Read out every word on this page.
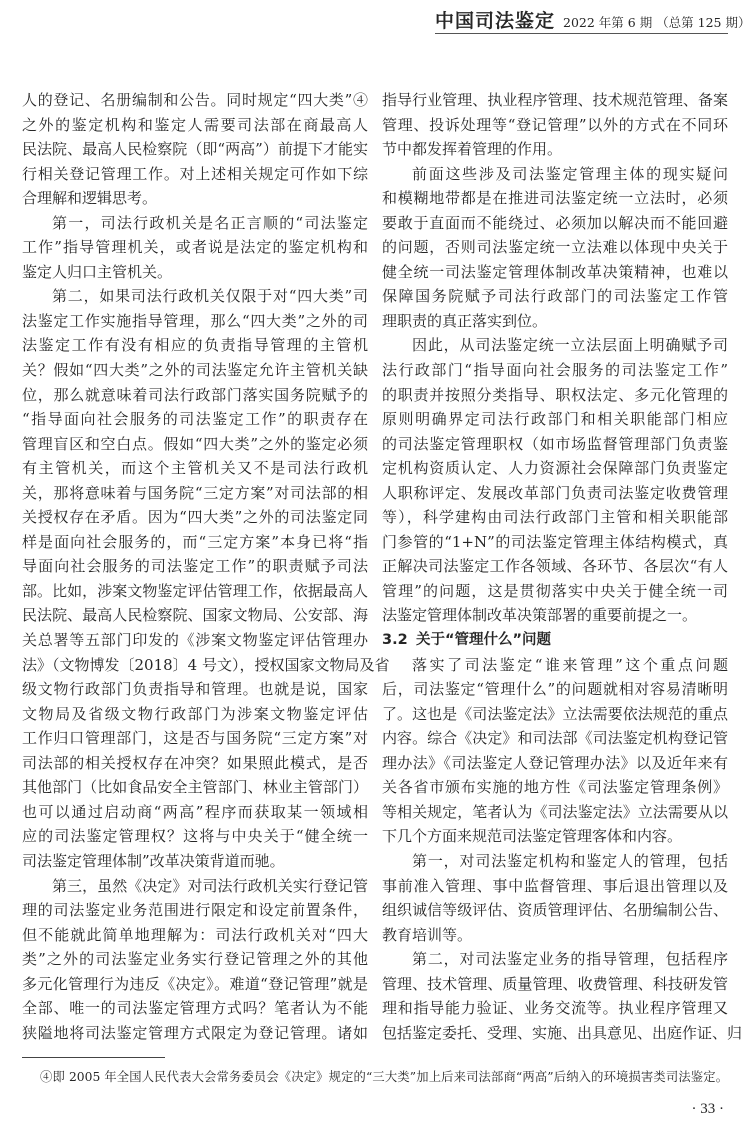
中国司法鉴定 2022 年第 6 期 （总第 125 期）
人的登记、名册编制和公告。同时规定“四大类”④
之外的鉴定机构和鉴定人需要司法部在商最高人
民法院、最高人民检察院（即“两高”）前提下才能实
行相关登记管理工作。对上述相关规定可作如下综
合理解和逻辑思考。
第一，司法行政机关是名正言顺的“司法鉴定
工作”指导管理机关，或者说是法定的鉴定机构和
鉴定人归口主管机关。
第二，如果司法行政机关仅限于对“四大类”司
法鉴定工作实施指导管理，那么“四大类”之外的司
法鉴定工作有没有相应的负责指导管理的主管机
关？假如“四大类”之外的司法鉴定允许主管机关缺
位，那么就意味着司法行政部门落实国务院赋予的
“指导面向社会服务的司法鉴定工作”的职责存在
管理盲区和空白点。假如“四大类”之外的鉴定必须
有主管机关，而这个主管机关又不是司法行政机
关，那将意味着与国务院“三定方案”对司法部的相
关授权存在矛盾。因为“四大类”之外的司法鉴定同
样是面向社会服务的，而“三定方案”本身已将“指
导面向社会服务的司法鉴定工作”的职责赋予司法
部。比如，涉案文物鉴定评估管理工作，依据最高人
民法院、最高人民检察院、国家文物局、公安部、海
关总署等五部门印发的《涉案文物鉴定评估管理办
法》（文物博发〔2018〕4 号文），授权国家文物局及省
级文物行政部门负责指导和管理。也就是说，国家
文物局及省级文物行政部门为涉案文物鉴定评估
工作归口管理部门，这是否与国务院“三定方案”对
司法部的相关授权存在冲突？如果照此模式，是否
其他部门（比如食品安全主管部门、林业主管部门）
也可以通过启动商“两高”程序而获取某一领域相
应的司法鉴定管理权？这将与中央关于“健全统一
司法鉴定管理体制”改革决策背道而驰。
第三，虽然《决定》对司法行政机关实行登记管
理的司法鉴定业务范围进行限定和设定前置条件，
但不能就此简单地理解为：司法行政机关对“四大
类”之外的司法鉴定业务实行登记管理之外的其他
多元化管理行为违反《决定》。难道“登记管理”就是
全部、唯一的司法鉴定管理方式吗？笔者认为不能
狭隘地将司法鉴定管理方式限定为登记管理。诸如
指导行业管理、执业程序管理、技术规范管理、备案
管理、投诉处理等“登记管理”以外的方式在不同环
节中都发挥着管理的作用。
前面这些涉及司法鉴定管理主体的现实疑问
和模糊地带都是在推进司法鉴定统一立法时，必须
要敢于直面而不能绕过、必须加以解决而不能回避
的问题，否则司法鉴定统一立法难以体现中央关于
健全统一司法鉴定管理体制改革决策精神，也难以
保障国务院赋予司法行政部门的司法鉴定工作管
理职责的真正落实到位。
因此，从司法鉴定统一立法层面上明确赋予司
法行政部门“指导面向社会服务的司法鉴定工作”
的职责并按照分类指导、职权法定、多元化管理的
原则明确界定司法行政部门和相关职能部门相应
的司法鉴定管理职权（如市场监督管理部门负责鉴
定机构资质认定、人力资源社会保障部门负责鉴定
人职称评定、发展改革部门负责司法鉴定收费管理
等），科学建构由司法行政部门主管和相关职能部
门参管的“1+N”的司法鉴定管理主体结构模式，真
正解决司法鉴定工作各领域、各环节、各层次“有人
管理”的问题，这是贯彻落实中央关于健全统一司
法鉴定管理体制改革决策部署的重要前提之一。
3.2 关于“管理什么”问题
落实了司法鉴定“谁来管理”这个重点问题
后，司法鉴定“管理什么”的问题就相对容易清晰明
了。这也是《司法鉴定法》立法需要依法规范的重点
内容。综合《决定》和司法部《司法鉴定机构登记管
理办法》《司法鉴定人登记管理办法》以及近年来有
关各省市颁布实施的地方性《司法鉴定管理条例》
等相关规定，笔者认为《司法鉴定法》立法需要从以
下几个方面来规范司法鉴定管理客体和内容。
第一，对司法鉴定机构和鉴定人的管理，包括
事前准入管理、事中监督管理、事后退出管理以及
组织诚信等级评估、资质管理评估、名册编制公告、
教育培训等。
第二，对司法鉴定业务的指导管理，包括程序
管理、技术管理、质量管理、收费管理、科技研发管
理和指导能力验证、业务交流等。执业程序管理又
包括鉴定委托、受理、实施、出具意见、出庭作证、归
④即 2005 年全国人民代表大会常务委员会《决定》规定的“三大类”加上后来司法部商“两高”后纳入的环境损害类司法鉴定。
· 33 ·
